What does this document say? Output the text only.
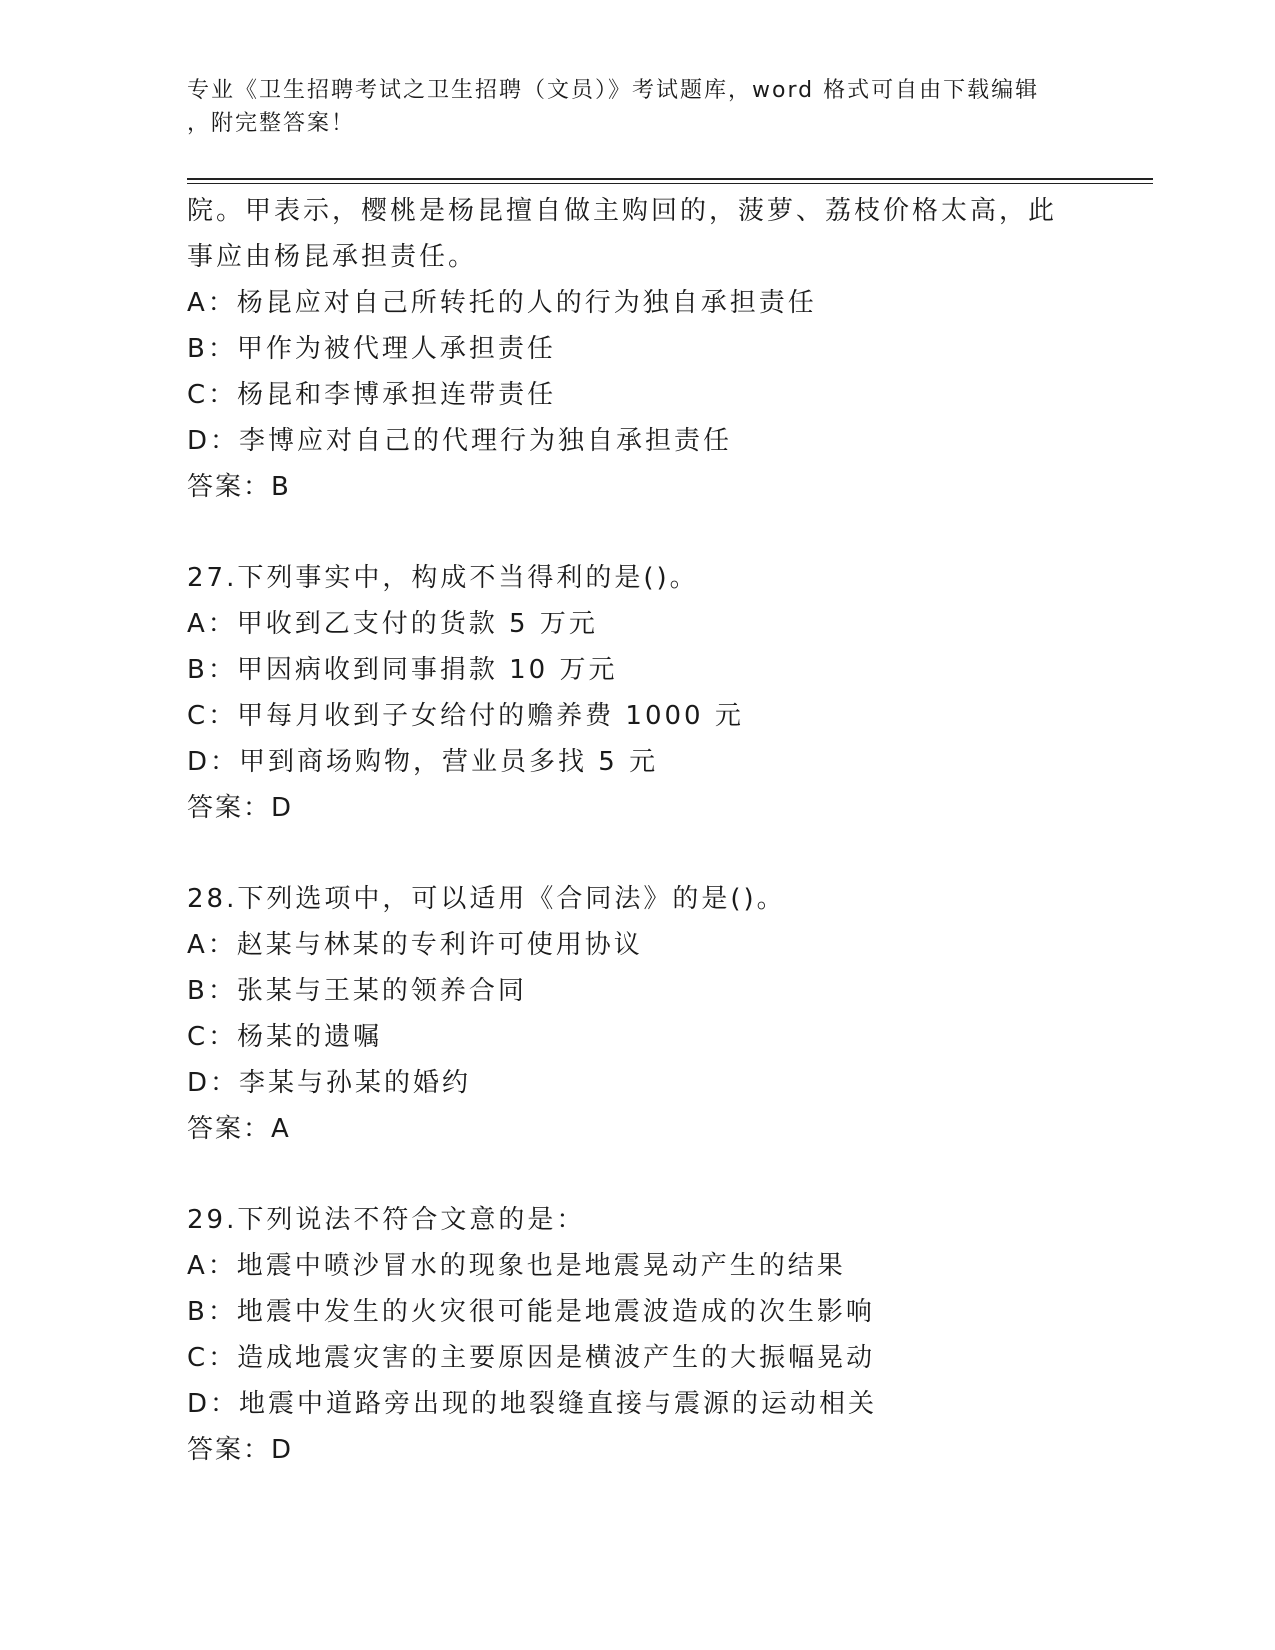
专业《卫生招聘考试之卫生招聘（文员）》考试题库，word 格式可自由下载编辑
，附完整答案！
院。甲表示，樱桃是杨昆擅自做主购回的，菠萝、荔枝价格太高，此
事应由杨昆承担责任。
A：杨昆应对自己所转托的人的行为独自承担责任
B：甲作为被代理人承担责任
C：杨昆和李博承担连带责任
D：李博应对自己的代理行为独自承担责任
答案：B
27.下列事实中，构成不当得利的是()。
A：甲收到乙支付的货款 5 万元
B：甲因病收到同事捐款 10 万元
C：甲每月收到子女给付的赡养费 1000 元
D：甲到商场购物，营业员多找 5 元
答案：D
28.下列选项中，可以适用《合同法》的是()。
A：赵某与林某的专利许可使用协议
B：张某与王某的领养合同
C：杨某的遗嘱
D：李某与孙某的婚约
答案：A
29.下列说法不符合文意的是：
A：地震中喷沙冒水的现象也是地震晃动产生的结果
B：地震中发生的火灾很可能是地震波造成的次生影响
C：造成地震灾害的主要原因是横波产生的大振幅晃动
D：地震中道路旁出现的地裂缝直接与震源的运动相关
答案：D
